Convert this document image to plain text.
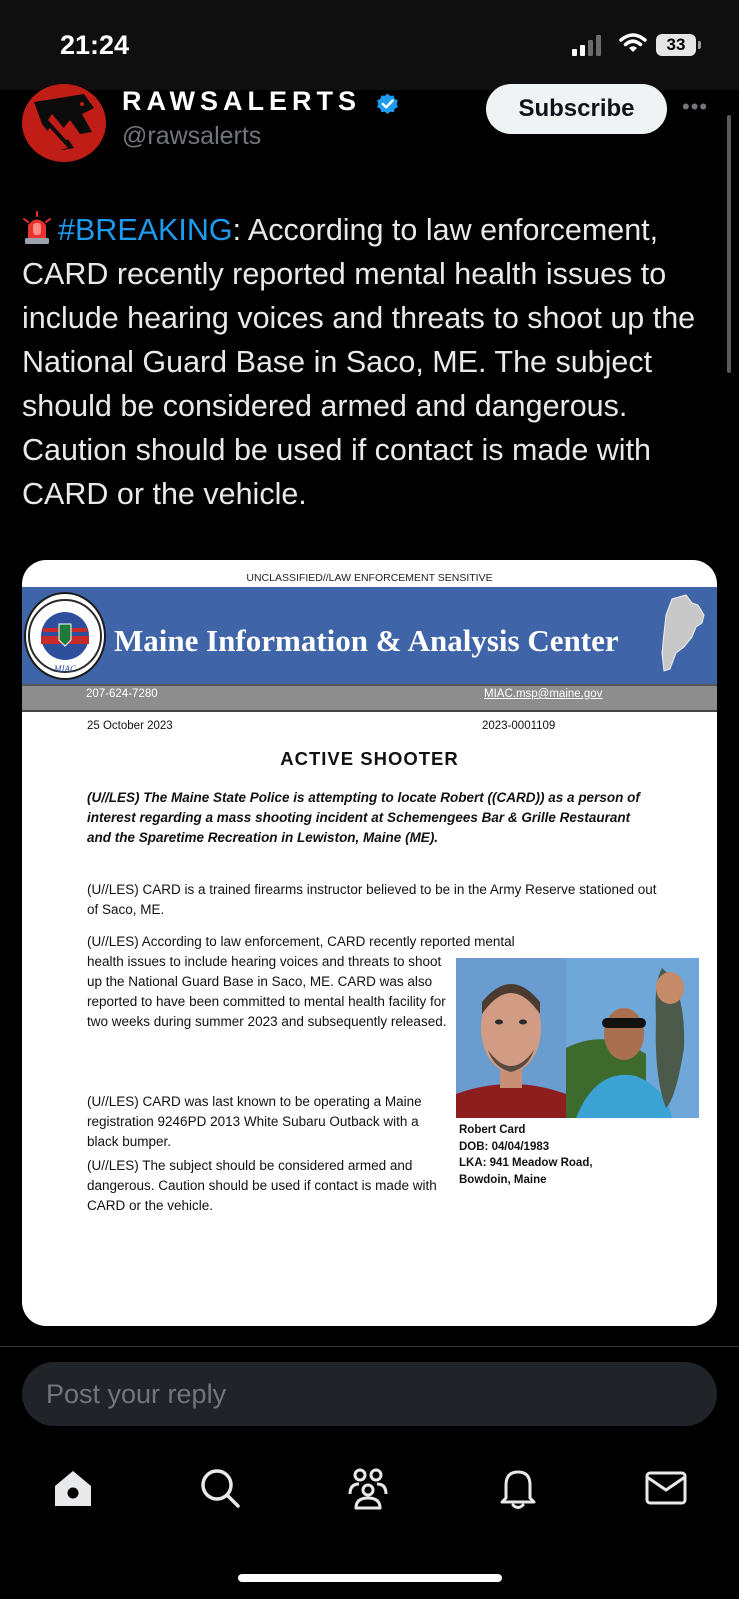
21:24	33
RAWSALERTS
@rawsalerts
Subscribe	•••
#BREAKING: According to law enforcement, CARD recently reported mental health issues to include hearing voices and threats to shoot up the National Guard Base in Saco, ME. The subject should be considered armed and dangerous. Caution should be used if contact is made with CARD or the vehicle.
UNCLASSIFIED//LAW ENFORCEMENT SENSITIVE
Maine Information & Analysis Center
MIAC
207-624-7280	MIAC.msp@maine.gov
25 October 2023	2023-0001109
ACTIVE SHOOTER
(U//LES) The Maine State Police is attempting to locate Robert ((CARD)) as a person of interest regarding a mass shooting incident at Schemengees Bar & Grille Restaurant and the Sparetime Recreation in Lewiston, Maine (ME).
(U//LES) CARD is a trained firearms instructor believed to be in the Army Reserve stationed out of Saco, ME.
(U//LES) According to law enforcement, CARD recently reported mental
health issues to include hearing voices and threats to shoot up the National Guard Base in Saco, ME. CARD was also reported to have been committed to mental health facility for two weeks during summer 2023 and subsequently released.
(U//LES) CARD was last known to be operating a Maine registration 9246PD 2013 White Subaru Outback with a black bumper.
(U//LES) The subject should be considered armed and dangerous. Caution should be used if contact is made with CARD or the vehicle.
Robert Card
DOB: 04/04/1983
LKA: 941 Meadow Road,
Bowdoin, Maine
Post your reply
